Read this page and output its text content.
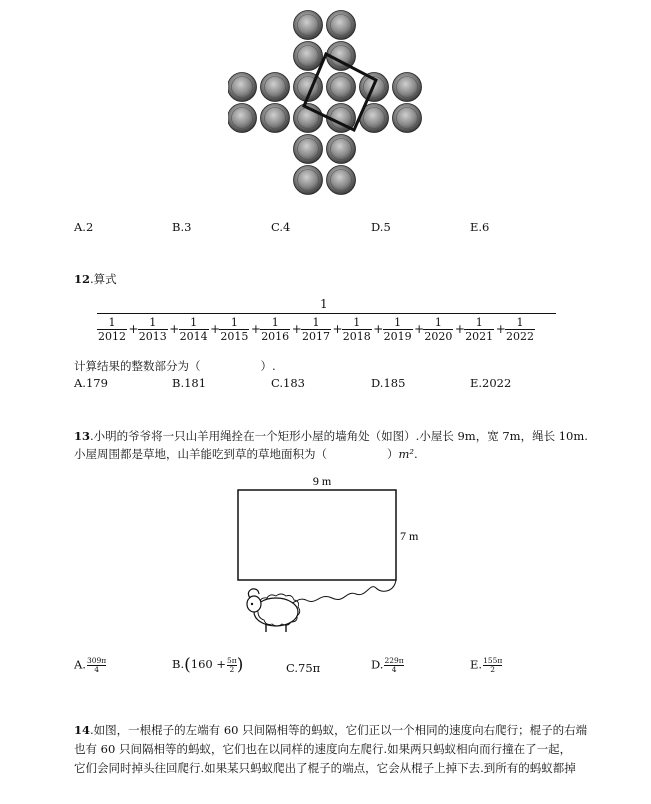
A.2	B.3	C.4	D.5	E.6
12.算式
1
$\frac{1}{2012} + \frac{1}{2013} + \frac{1}{2014} + \frac{1}{2015} + \frac{1}{2016} + \frac{1}{2017} + \frac{1}{2018} + \frac{1}{2019} + \frac{1}{2020} + \frac{1}{2021} + \frac{1}{2022}$
计算结果的整数部分为（	）.
A.179	B.181	C.183	D.185	E.2022
13.小明的爷爷将一只山羊用绳拴在一个矩形小屋的墙角处（如图）.小屋长 9m，宽 7m，绳长 10m.
小屋周围都是草地，山羊能吃到草的草地面积为（	）m².
9 m
7 m
A. $\frac{309\pi}{4}$	$B.(160 + \frac{5\pi}{2}$ )	C.75π	D. $\frac{229\pi}{4}$	E. $\frac{155\pi}{2}$
14.如图，一根棍子的左端有 60 只间隔相等的蚂蚁，它们正以一个相同的速度向右爬行；棍子的右端
也有 60 只间隔相等的蚂蚁，它们也在以同样的速度向左爬行.如果两只蚂蚁相向而行撞在了一起，
它们会同时掉头往回爬行.如果某只蚂蚁爬出了棍子的端点，它会从棍子上掉下去.到所有的蚂蚁都掉
